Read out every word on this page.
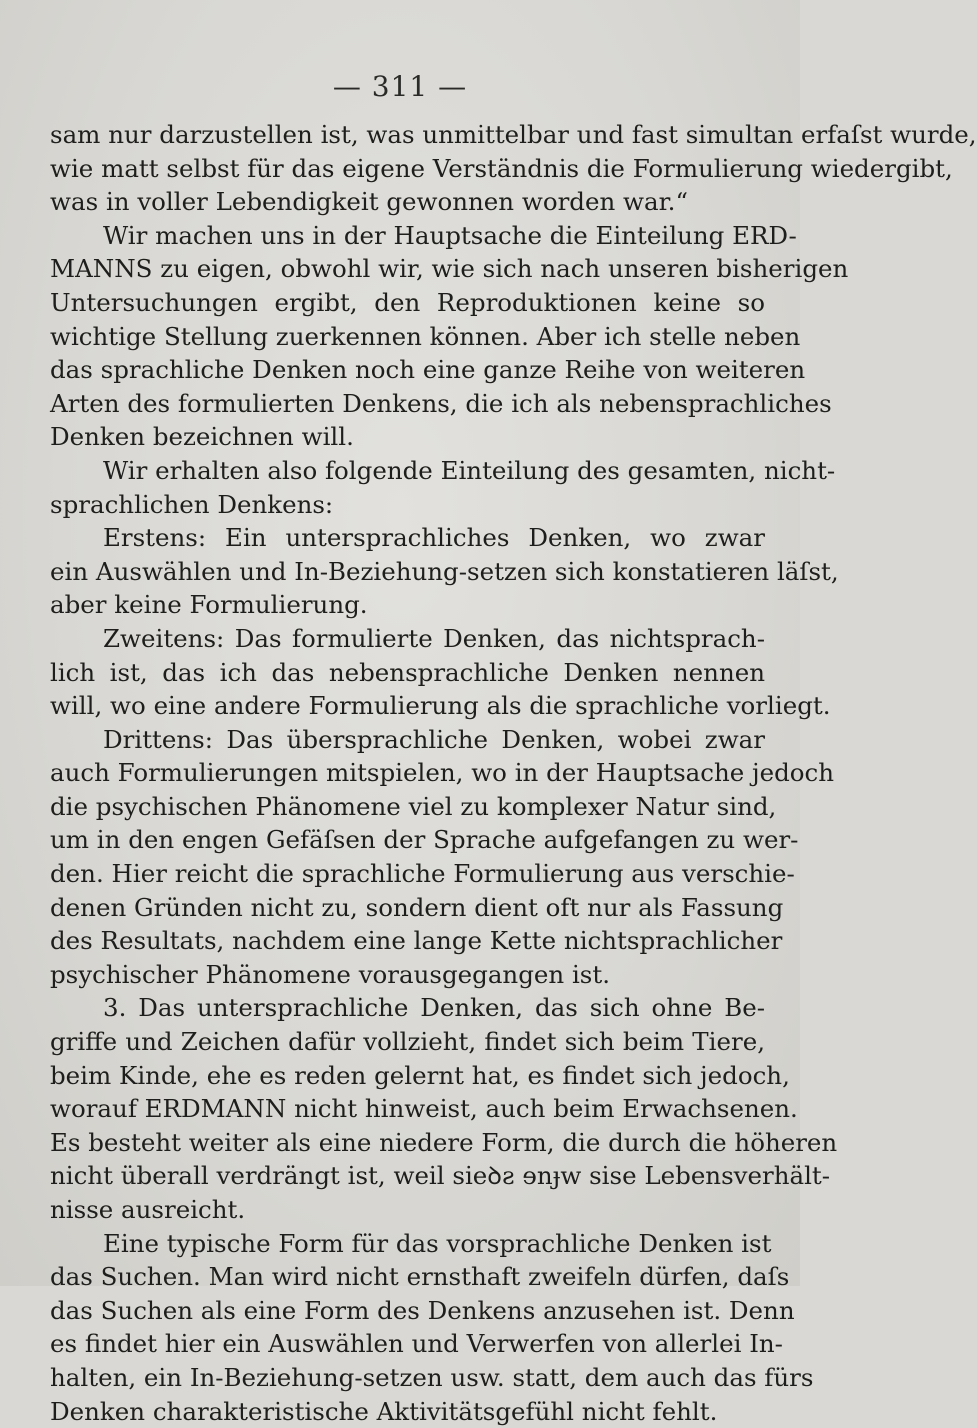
— 311 —
sam nur darzustellen ist, was unmittelbar und fast simultan erfaſst wurde,
wie matt selbst für das eigene Verständnis die Formulierung wiedergibt,
was in voller Lebendigkeit gewonnen worden war.“
Wir machen uns in der Hauptsache die Einteilung ERD-
MANNS zu eigen, obwohl wir, wie sich nach unseren bisherigen
Untersuchungen ergibt, den Reproduktionen keine so
wichtige Stellung zuerkennen können. Aber ich stelle neben
das sprachliche Denken noch eine ganze Reihe von weiteren
Arten des formulierten Denkens, die ich als nebensprachliches
Denken bezeichnen will.
Wir erhalten also folgende Einteilung des gesamten, nicht-
sprachlichen Denkens:
Erstens: Ein untersprachliches Denken, wo zwar
ein Auswählen und In-Beziehung-setzen sich konstatieren läſst,
aber keine Formulierung.
Zweitens: Das formulierte Denken, das nichtsprach-
lich ist, das ich das nebensprachliche Denken nennen
will, wo eine andere Formulierung als die sprachliche vorliegt.
Drittens: Das übersprachliche Denken, wobei zwar
auch Formulierungen mitspielen, wo in der Hauptsache jedoch
die psychischen Phänomene viel zu komplexer Natur sind,
um in den engen Gefäſsen der Sprache aufgefangen zu wer-
den. Hier reicht die sprachliche Formulierung aus verschie-
denen Gründen nicht zu, sondern dient oft nur als Fassung
des Resultats, nachdem eine lange Kette nichtsprachlicher
psychischer Phänomene vorausgegangen ist.
3. Das untersprachliche Denken, das sich ohne Be-
griffe und Zeichen dafür vollzieht, findet sich beim Tiere,
beim Kinde, ehe es reden gelernt hat, es findet sich jedoch,
worauf ERDMANN nicht hinweist, auch beim Erwachsenen.
Es besteht weiter als eine niedere Form, die durch die höheren
nicht überall verdrängt ist, weil sieꝺƨ ɘnɟw sise Lebensverhält-
nisse ausreicht.
Eine typische Form für das vorsprachliche Denken ist
das Suchen. Man wird nicht ernsthaft zweifeln dürfen, daſs
das Suchen als eine Form des Denkens anzusehen ist. Denn
es findet hier ein Auswählen und Verwerfen von allerlei In-
halten, ein In-Beziehung-setzen usw. statt, dem auch das fürs
Denken charakteristische Aktivitätsgefühl nicht fehlt.
